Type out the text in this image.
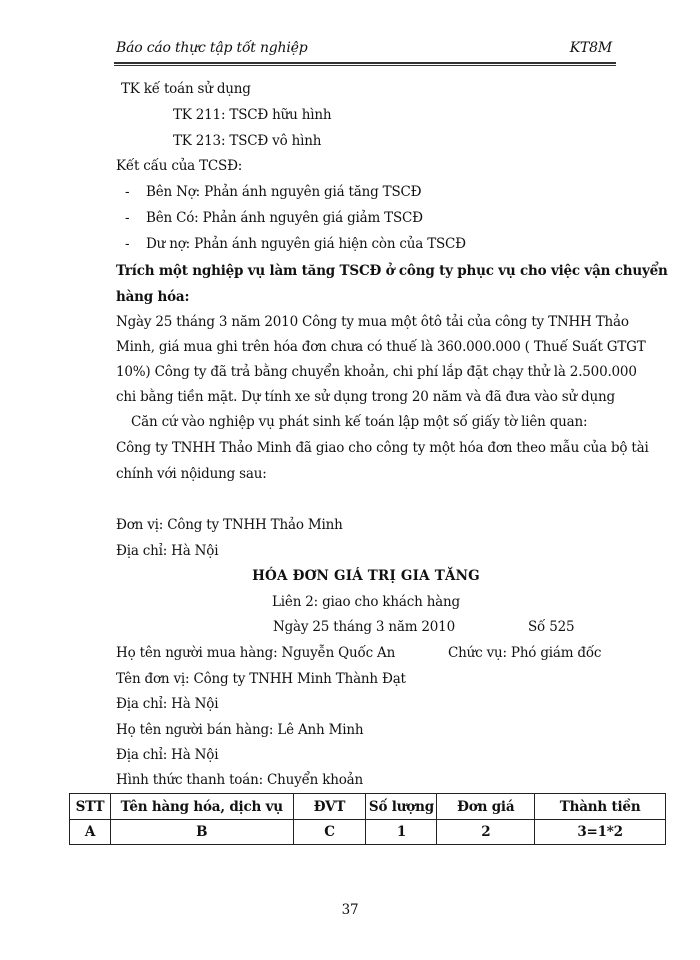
Báo cáo thực tập tốt nghiệp	KT8M
TK kế toán sử dụng
TK 211: TSCĐ hữu hình
TK 213: TSCĐ vô hình
Kết cấu của TCSĐ:
- Bên Nợ: Phản ánh nguyên giá tăng TSCĐ
- Bên Có: Phản ánh nguyên giá giảm TSCĐ
- Dư nợ: Phản ánh nguyên giá hiện còn của TSCĐ
Trích một nghiệp vụ làm tăng TSCĐ ở công ty phục vụ cho việc vận chuyển
hàng hóa:
Ngày 25 tháng 3 năm 2010 Công ty mua một ôtô tải của công ty TNHH Thảo
Minh, giá mua ghi trên hóa đơn chưa có thuế là 360.000.000 ( Thuế Suất GTGT
10%) Công ty đã trả bằng chuyển khoản, chi phí lắp đặt chạy thử là 2.500.000
chi bằng tiền mặt. Dự tính xe sử dụng trong 20 năm và đã đưa vào sử dụng
Căn cứ vào nghiệp vụ phát sinh kế toán lập một số giấy tờ liên quan:
Công ty TNHH Thảo Minh đã giao cho công ty một hóa đơn theo mẫu của bộ tài
chính với nộidung sau:
Đơn vị: Công ty TNHH Thảo Minh
Địa chỉ: Hà Nội
HÓA ĐƠN GIÁ TRỊ GIA TĂNG
Liên 2: giao cho khách hàng
Ngày 25 tháng 3 năm 2010	Số 525
Họ tên người mua hàng: Nguyễn Quốc An	Chức vụ: Phó giám đốc
Tên đơn vị: Công ty TNHH Minh Thành Đạt
Địa chỉ: Hà Nội
Họ tên người bán hàng: Lê Anh Minh
Địa chỉ: Hà Nội
Hình thức thanh toán: Chuyển khoản
STT	Tên hàng hóa, dịch vụ	ĐVT	Số lượng	Đơn giá	Thành tiền
A	B	C	1	2	3=1*2
37
